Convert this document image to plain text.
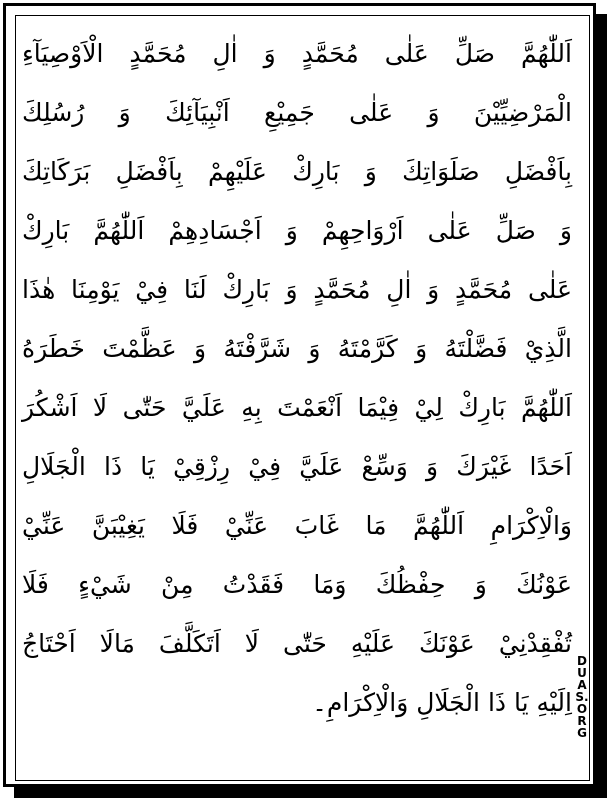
اَللّٰهُمَّ صَلِّ عَلٰى مُحَمَّدٍ وَ اٰلِ مُحَمَّدٍ الْاَوْصِيَآءِ
الْمَرْضِيِّيْنَ وَ عَلٰى جَمِيْعِ اَنْبِيَآئِكَ وَ رُسُلِكَ
بِاَفْضَلِ صَلَوَاتِكَ وَ بَارِكْ عَلَيْهِمْ بِاَفْضَلِ بَرَكَاتِكَ
وَ صَلِّ عَلٰى اَرْوَاحِهِمْ وَ اَجْسَادِهِمْ اَللّٰهُمَّ بَارِكْ
عَلٰى مُحَمَّدٍ وَ اٰلِ مُحَمَّدٍ وَ بَارِكْ لَنَا فِيْ يَوْمِنَا هٰذَا
الَّذِيْ فَضَّلْتَهُ وَ كَرَّمْتَهُ وَ شَرَّفْتَهُ وَ عَظَّمْتَ خَطَرَهُ
اَللّٰهُمَّ بَارِكْ لِيْ فِيْمَا اَنْعَمْتَ بِهِ عَلَيَّ حَتّٰى لَا اَشْكُرَ
اَحَدًا غَيْرَكَ وَ وَسِّعْ عَلَيَّ فِيْ رِزْقِيْ يَا ذَا الْجَلَالِ
وَالْاِكْرَامِ اَللّٰهُمَّ مَا غَابَ عَنِّيْ فَلَا يَغِيْبَنَّ عَنِّيْ
عَوْنُكَ وَ حِفْظُكَ وَمَا فَقَدْتُ مِنْ شَيْءٍ فَلَا
تُفْقِدْنِيْ عَوْنَكَ عَلَيْهِ حَتّٰى لَا اَتَكَلَّفَ مَالَا اَحْتَاجُ
اِلَيْهِ يَا ذَا الْجَلَالِ وَالْاِكْرَامِ۔
DUAS.ORG
